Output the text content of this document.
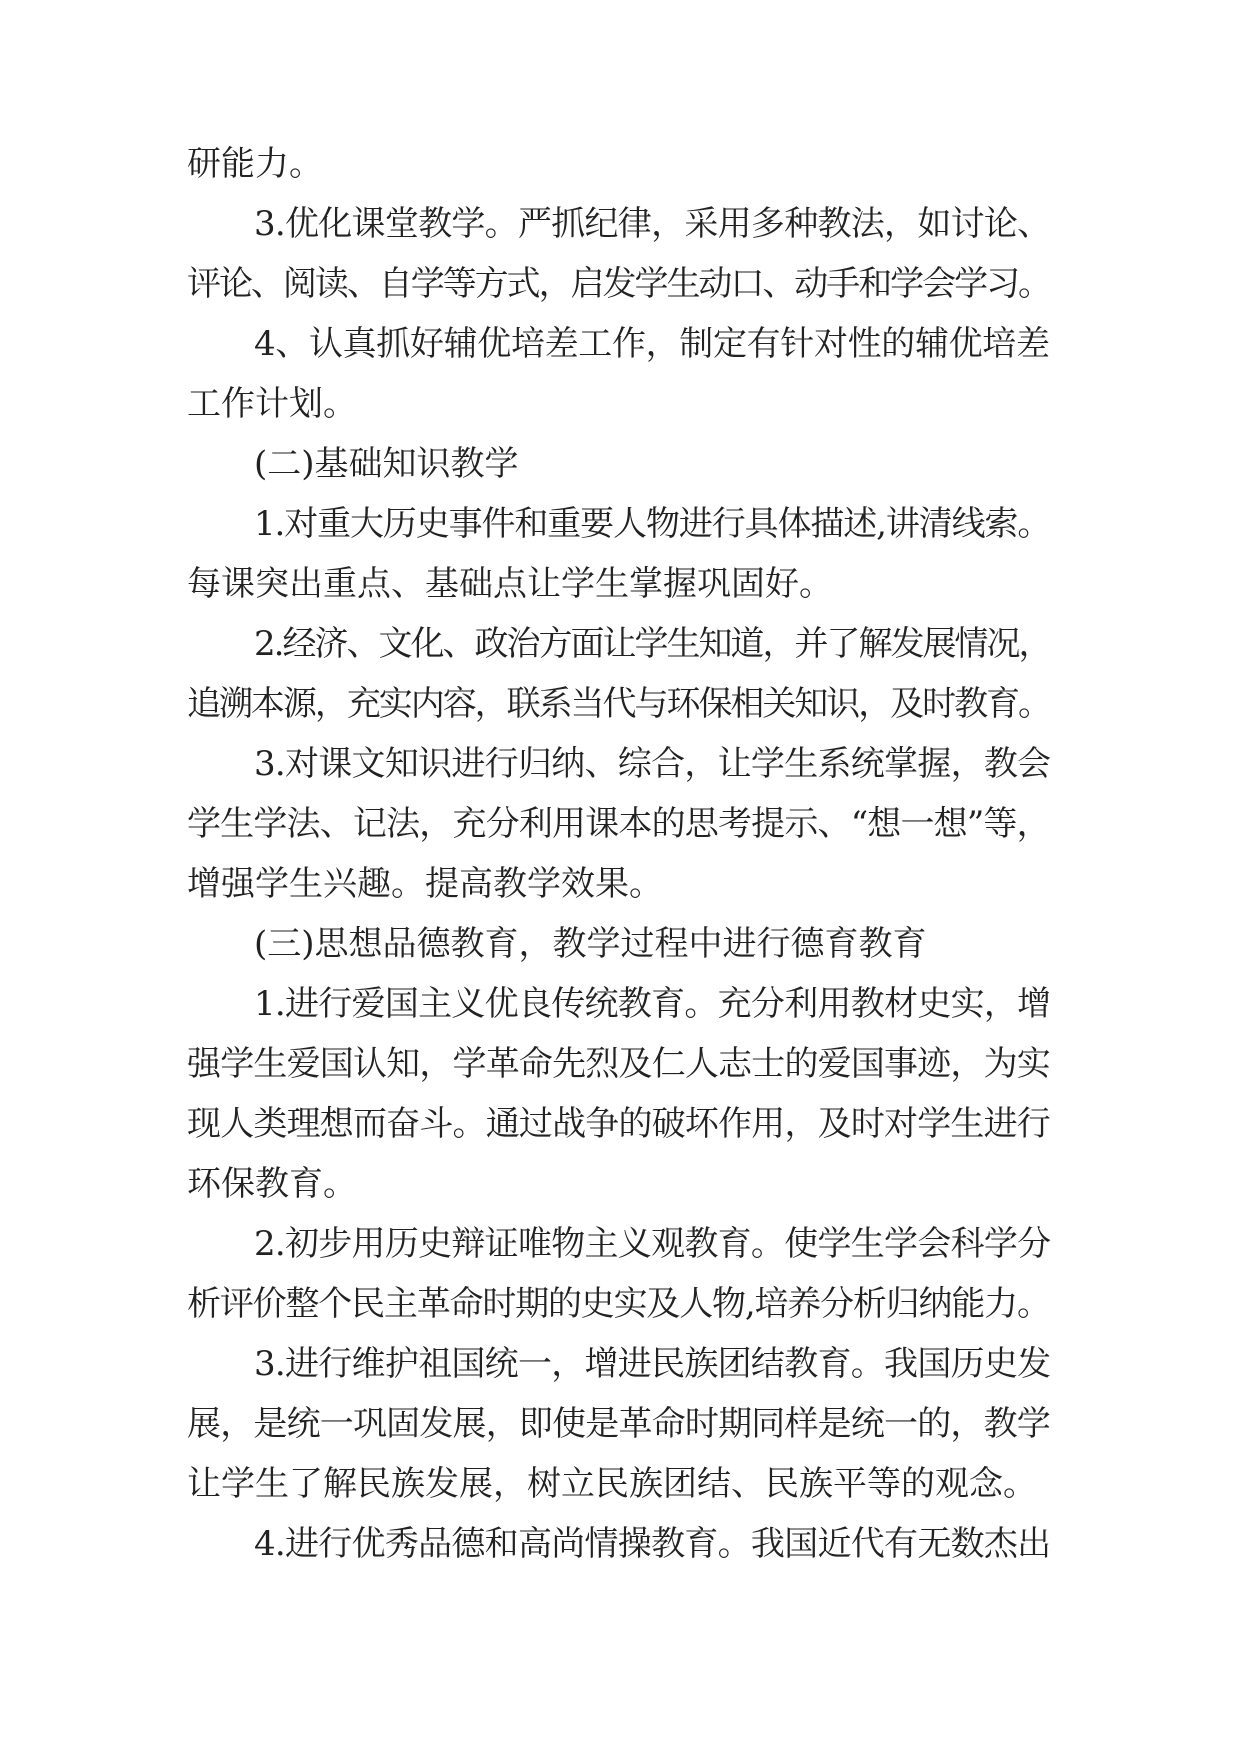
研能力。
3.优化课堂教学。严抓纪律，采用多种教法，如讨论、
评论、阅读、自学等方式，启发学生动口、动手和学会学习。
4、认真抓好辅优培差工作，制定有针对性的辅优培差
工作计划。
(二)基础知识教学
1.对重大历史事件和重要人物进行具体描述,讲清线索。
每课突出重点、基础点让学生掌握巩固好。
2.经济、文化、政治方面让学生知道，并了解发展情况，
追溯本源，充实内容，联系当代与环保相关知识，及时教育。
3.对课文知识进行归纳、综合，让学生系统掌握，教会
学生学法、记法，充分利用课本的思考提示、“想一想”等，
增强学生兴趣。提高教学效果。
(三)思想品德教育，教学过程中进行德育教育
1.进行爱国主义优良传统教育。充分利用教材史实，增
强学生爱国认知，学革命先烈及仁人志士的爱国事迹，为实
现人类理想而奋斗。通过战争的破坏作用，及时对学生进行
环保教育。
2.初步用历史辩证唯物主义观教育。使学生学会科学分
析评价整个民主革命时期的史实及人物,培养分析归纳能力。
3.进行维护祖国统一，增进民族团结教育。我国历史发
展，是统一巩固发展，即使是革命时期同样是统一的，教学
让学生了解民族发展，树立民族团结、民族平等的观念。
4.进行优秀品德和高尚情操教育。我国近代有无数杰出
